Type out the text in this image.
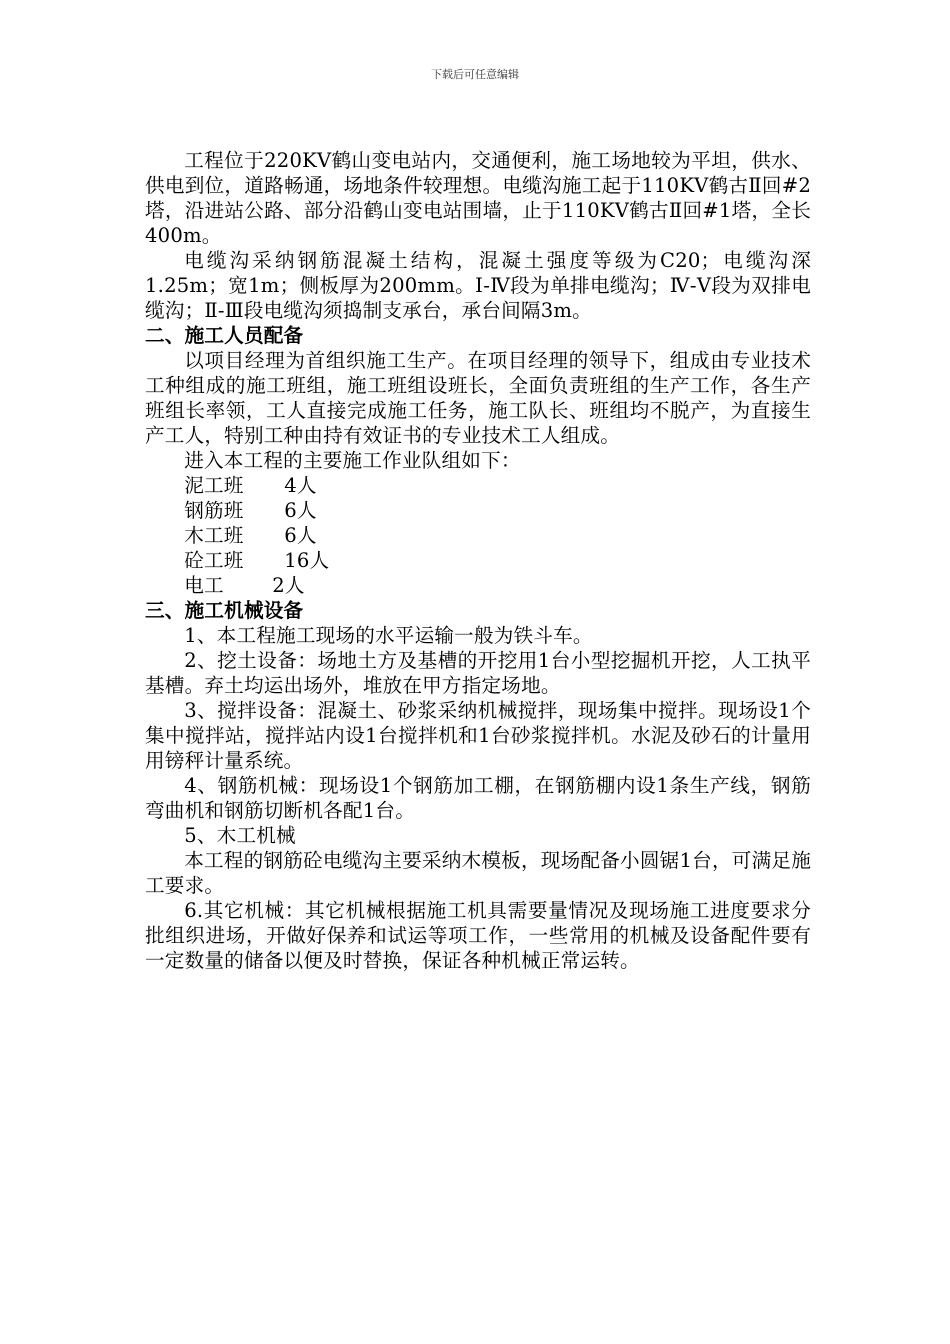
下载后可任意编辑

工程位于220KV鹤山变电站内，交通便利，施工场地较为平坦，供水、供电到位，道路畅通，场地条件较理想。电缆沟施工起于110KV鹤古Ⅱ回#2塔，沿进站公路、部分沿鹤山变电站围墙，止于110KV鹤古Ⅱ回#1塔，全长400m。

电缆沟采纳钢筋混凝土结构，混凝土强度等级为C20；电缆沟深1.25m；宽1m；侧板厚为200mm。Ⅰ-Ⅳ段为单排电缆沟；Ⅳ-Ⅴ段为双排电缆沟；Ⅱ-Ⅲ段电缆沟须捣制支承台，承台间隔3m。

二、施工人员配备

以项目经理为首组织施工生产。在项目经理的领导下，组成由专业技术工种组成的施工班组，施工班组设班长，全面负责班组的生产工作，各生产班组长率领，工人直接完成施工任务，施工队长、班组均不脱产，为直接生产工人，特别工种由持有效证书的专业技术工人组成。

进入本工程的主要施工作业队组如下：

泥工班 4人

钢筋班 6人

木工班 6人

砼工班 16人

电工 2人

三、施工机械设备

1、本工程施工现场的水平运输一般为铁斗车。

2、挖土设备：场地土方及基槽的开挖用1台小型挖掘机开挖，人工执平基槽。弃土均运出场外，堆放在甲方指定场地。

3、搅拌设备：混凝土、砂浆采纳机械搅拌，现场集中搅拌。现场设1个集中搅拌站，搅拌站内设1台搅拌机和1台砂浆搅拌机。水泥及砂石的计量用用镑秤计量系统。

4、钢筋机械：现场设1个钢筋加工棚，在钢筋棚内设1条生产线，钢筋弯曲机和钢筋切断机各配1台。

5、木工机械

本工程的钢筋砼电缆沟主要采纳木模板，现场配备小圆锯1台，可满足施工要求。

6.其它机械：其它机械根据施工机具需要量情况及现场施工进度要求分批组织进场，开做好保养和试运等项工作，一些常用的机械及设备配件要有一定数量的储备以便及时替换，保证各种机械正常运转。
